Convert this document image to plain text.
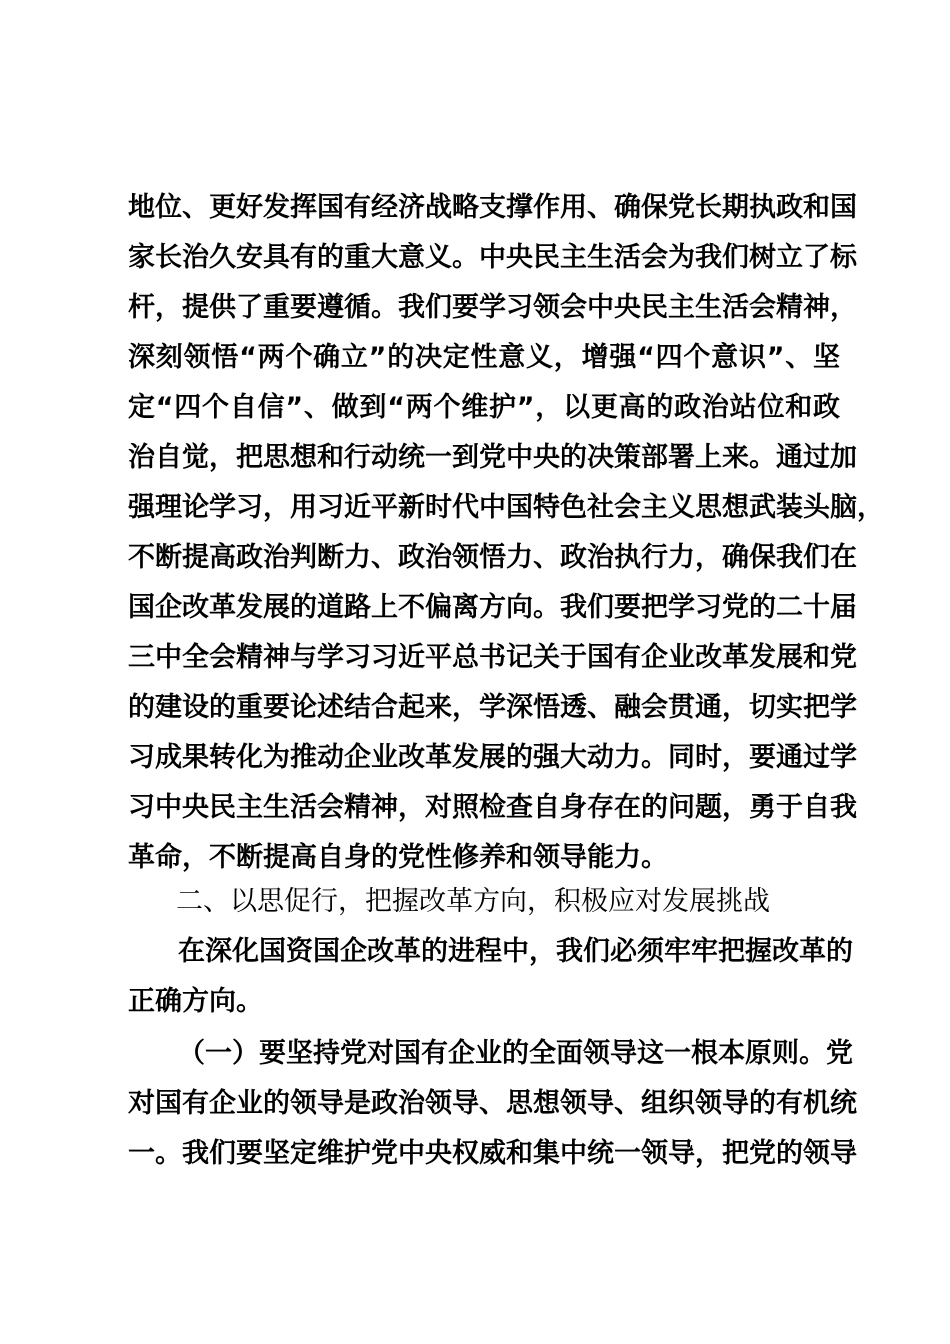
地位、更好发挥国有经济战略支撑作用、确保党长期执政和国
家长治久安具有的重大意义。中央民主生活会为我们树立了标
杆，提供了重要遵循。我们要学习领会中央民主生活会精神，
深刻领悟“两个确立”的决定性意义，增强“四个意识”、坚
定“四个自信”、做到“两个维护”，以更高的政治站位和政
治自觉，把思想和行动统一到党中央的决策部署上来。通过加
强理论学习，用习近平新时代中国特色社会主义思想武装头脑，
不断提高政治判断力、政治领悟力、政治执行力，确保我们在
国企改革发展的道路上不偏离方向。我们要把学习党的二十届
三中全会精神与学习习近平总书记关于国有企业改革发展和党
的建设的重要论述结合起来，学深悟透、融会贯通，切实把学
习成果转化为推动企业改革发展的强大动力。同时，要通过学
习中央民主生活会精神，对照检查自身存在的问题，勇于自我
革命，不断提高自身的党性修养和领导能力。
二、以思促行，把握改革方向，积极应对发展挑战
在深化国资国企改革的进程中，我们必须牢牢把握改革的
正确方向。
（一）要坚持党对国有企业的全面领导这一根本原则。党
对国有企业的领导是政治领导、思想领导、组织领导的有机统
一。我们要坚定维护党中央权威和集中统一领导，把党的领导
